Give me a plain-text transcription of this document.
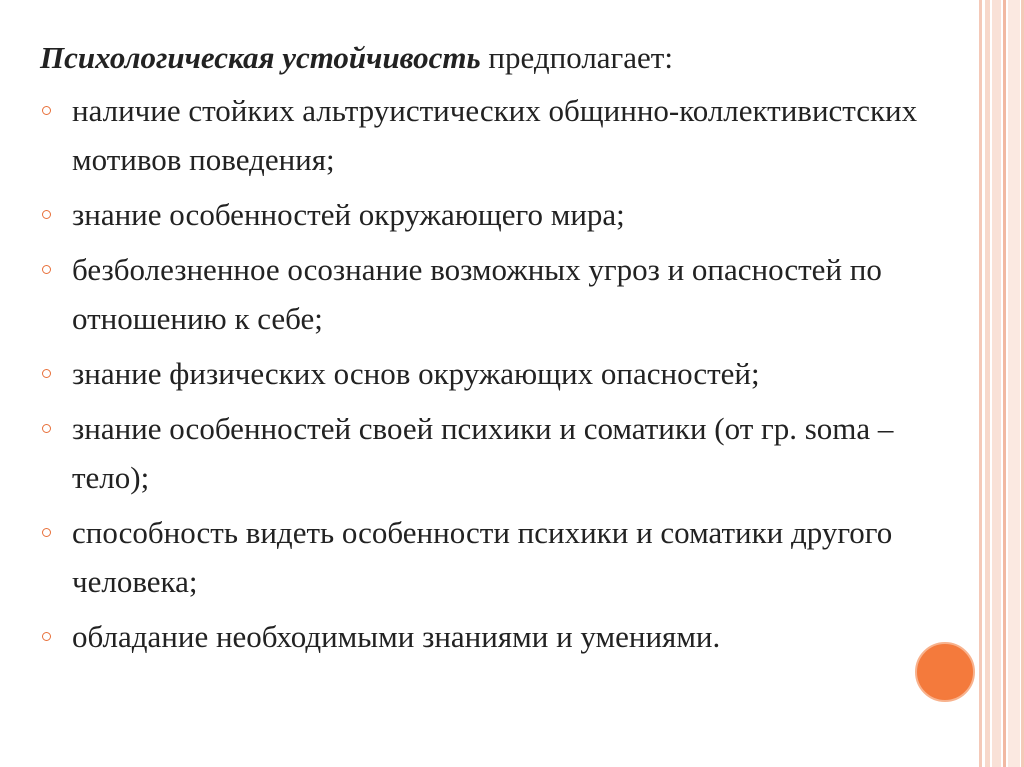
Психологическая устойчивость предполагает:

наличие стойких альтруистических общинно-коллективистских мотивов поведения;
знание особенностей окружающего мира;
безболезненное осознание возможных угроз и опасностей по отношению к себе;
знание физических основ окружающих опасностей;
знание особенностей своей психики и соматики (от гр. soma – тело);
способность видеть особенности психики и соматики другого человека;
обладание необходимыми знаниями и умениями.
